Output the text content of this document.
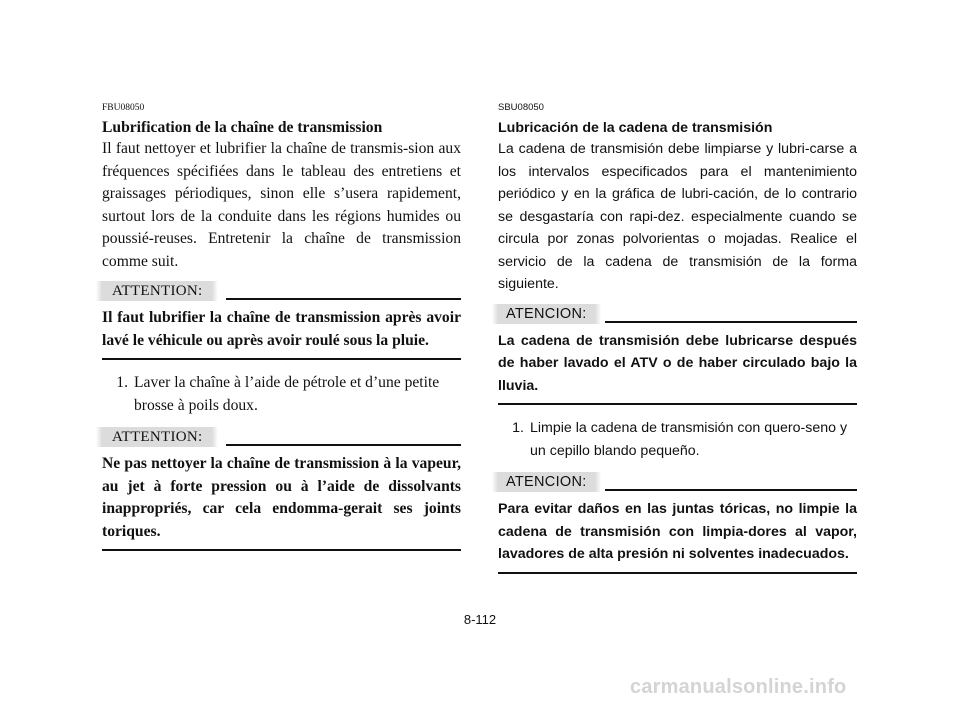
FBU08050

Lubrification de la chaîne de transmission

Il faut nettoyer et lubrifier la chaîne de transmis-sion aux fréquences spécifiées dans le tableau des entretiens et graissages périodiques, sinon elle s’usera rapidement, surtout lors de la conduite dans les régions humides ou poussié-reuses. Entretenir la chaîne de transmission comme suit.

ATTENTION:

Il faut lubrifier la chaîne de transmission après avoir lavé le véhicule ou après avoir roulé sous la pluie.

1. Laver la chaîne à l’aide de pétrole et d’une petite brosse à poils doux.
ATTENTION:

Ne pas nettoyer la chaîne de transmission à la vapeur, au jet à forte pression ou à l’aide de dissolvants inappropriés, car cela endomma-gerait ses joints toriques.

SBU08050

Lubricación de la cadena de transmisión

La cadena de transmisión debe limpiarse y lubri-carse a los intervalos especificados para el mantenimiento periódico y en la gráfica de lubri-cación, de lo contrario se desgastaría con rapi-dez. especialmente cuando se circula por zonas polvorientas o mojadas. Realice el servicio de la cadena de transmisión de la forma siguiente.

ATENCION:

La cadena de transmisión debe lubricarse después de haber lavado el ATV o de haber circulado bajo la lluvia.

1. Limpie la cadena de transmisión con quero-seno y un cepillo blando pequeño.
ATENCION:

Para evitar daños en las juntas tóricas, no limpie la cadena de transmisión con limpia-dores al vapor, lavadores de alta presión ni solventes inadecuados.

8-112
carmanualsonline.info
